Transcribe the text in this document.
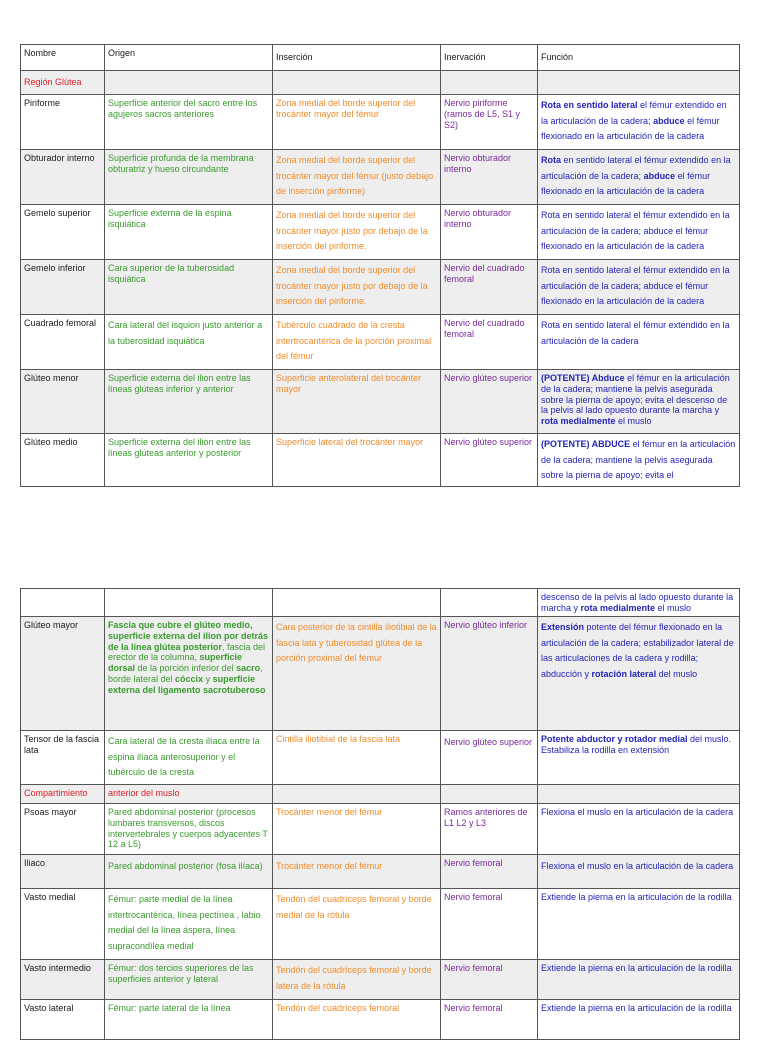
Nombre	Origen	Inserción	Inervación	Función
Región Glútea				
Piriforme	Superficie anterior del sacro entre los agujeros sacros anteriores	Zona medial del borde superior del trocánter mayor del fémur	Nervio piriforme (ramos de L5, S1 y S2)	Rota en sentido lateral el fémur extendido en la articulación de la cadera; abduce el fémur flexionado en la articulación de la cadera
Obturador interno	Superficie profunda de la membrana obturatriz y hueso circundante	Zona medial del borde superior del trocánter mayor del fémur (justo debajo de inserción piriforme)	Nervio obturador interno	Rota en sentido lateral el fémur extendido en la articulación de la cadera; abduce el fémur flexionado en la articulación de la cadera
Gemelo superior	Superficie externa de la espina isquiática	Zona medial del borde superior del trocánter mayor justo por debajo de la inserción del piriforme.	Nervio obturador interno	Rota en sentido lateral el fémur extendido en la articulación de la cadera; abduce el fémur flexionado en la articulación de la cadera
Gemelo inferior	Cara superior de la tuberosidad isquiática	Zona medial del borde superior del trocánter mayor justo por debajo de la inserción del piriforme.	Nervio del cuadrado femoral	Rota en sentido lateral el fémur extendido en la articulación de la cadera; abduce el fémur flexionado en la articulación de la cadera
Cuadrado femoral	Cara lateral del isquion justo anterior a la tuberosidad isquiática	Tubérculo cuadrado de la cresta intertrocantérica de la porción proximal del fémur	Nervio del cuadrado femoral	Rota en sentido lateral el fémur extendido en la articulación de la cadera
Glúteo menor	Superficie externa del ilion entre las líneas glúteas inferior y anterior	Superficie anterolateral del trocánter mayor	Nervio glúteo superior	(POTENTE) Abduce el fémur en la articulación de la cadera; mantiene la pelvis asegurada sobre la pierna de apoyo; evita el descenso de la pelvis al lado opuesto durante la marcha y rota medialmente el muslo
Glúteo medio	Superficie externa del ilion entre las líneas glúteas anterior y posterior	Superficie lateral del trocánter mayor	Nervio glúteo superior	(POTENTE) ABDUCE el fémur en la articulación de la cadera; mantiene la pelvis asegurada sobre la pierna de apoyo; evita el
				descenso de la pelvis al lado opuesto durante la marcha y rota medialmente el muslo
Glúteo mayor	Fascia que cubre el glúteo medio, superficie externa del ilion por detrás de la línea glútea posterior, fascia del erector de la columna, superficie dorsal de la porción inferior del sacro, borde lateral del cóccix y superficie externa del ligamento sacrotuberoso	Cara posterior de la cintilla iliotibial de la fascia lata y tuberosidad glútea de la porción proximal del fémur	Nervio glúteo inferior	Extensión potente del fémur flexionado en la articulación de la cadera; estabilizador lateral de las articulaciones de la cadera y rodilla; abducción y rotación lateral del muslo
Tensor de la fascia lata	Cara lateral de la cresta ilíaca entre la espina ilíaca anterosuperior y el tubérculo de la cresta	Cintilla iliotibial de la fascia lata	Nervio glúteo superior	Potente abductor y rotador medial del muslo. Estabiliza la rodilla en extensión
Compartimiento	anterior del muslo			
Psoas mayor	Pared abdominal posterior (procesos lumbares transversos, discos intervertebrales y cuerpos adyacentes T 12 a L5)	Trocánter menor del fémur	Ramos anteriores de L1 L2 y L3	Flexiona el muslo en la articulación de la cadera
Iliaco	Pared abdominal posterior (fosa ilíaca)	Trocánter menor del fémur	Nervio femoral	Flexiona el muslo en la articulación de la cadera
Vasto medial	Fémur: parte medial de la línea intertrocantérica, línea pectínea , labio medial del la línea áspera, línea supracondílea medial	Tendón del cuadríceps femoral y borde medial de la rótula	Nervio femoral	Extiende la pierna en la articulación de la rodilla
Vasto intermedio	Fémur: dos tercios superiores de las superficies anterior y lateral	Tendón del cuadríceps femoral y borde latera de la rótula	Nervio femoral	Extiende la pierna en la articulación de la rodilla
Vasto lateral	Fémur: parte lateral de la línea	Tendón del cuadríceps femoral	Nervio femoral	Extiende la pierna en la articulación de la rodilla
